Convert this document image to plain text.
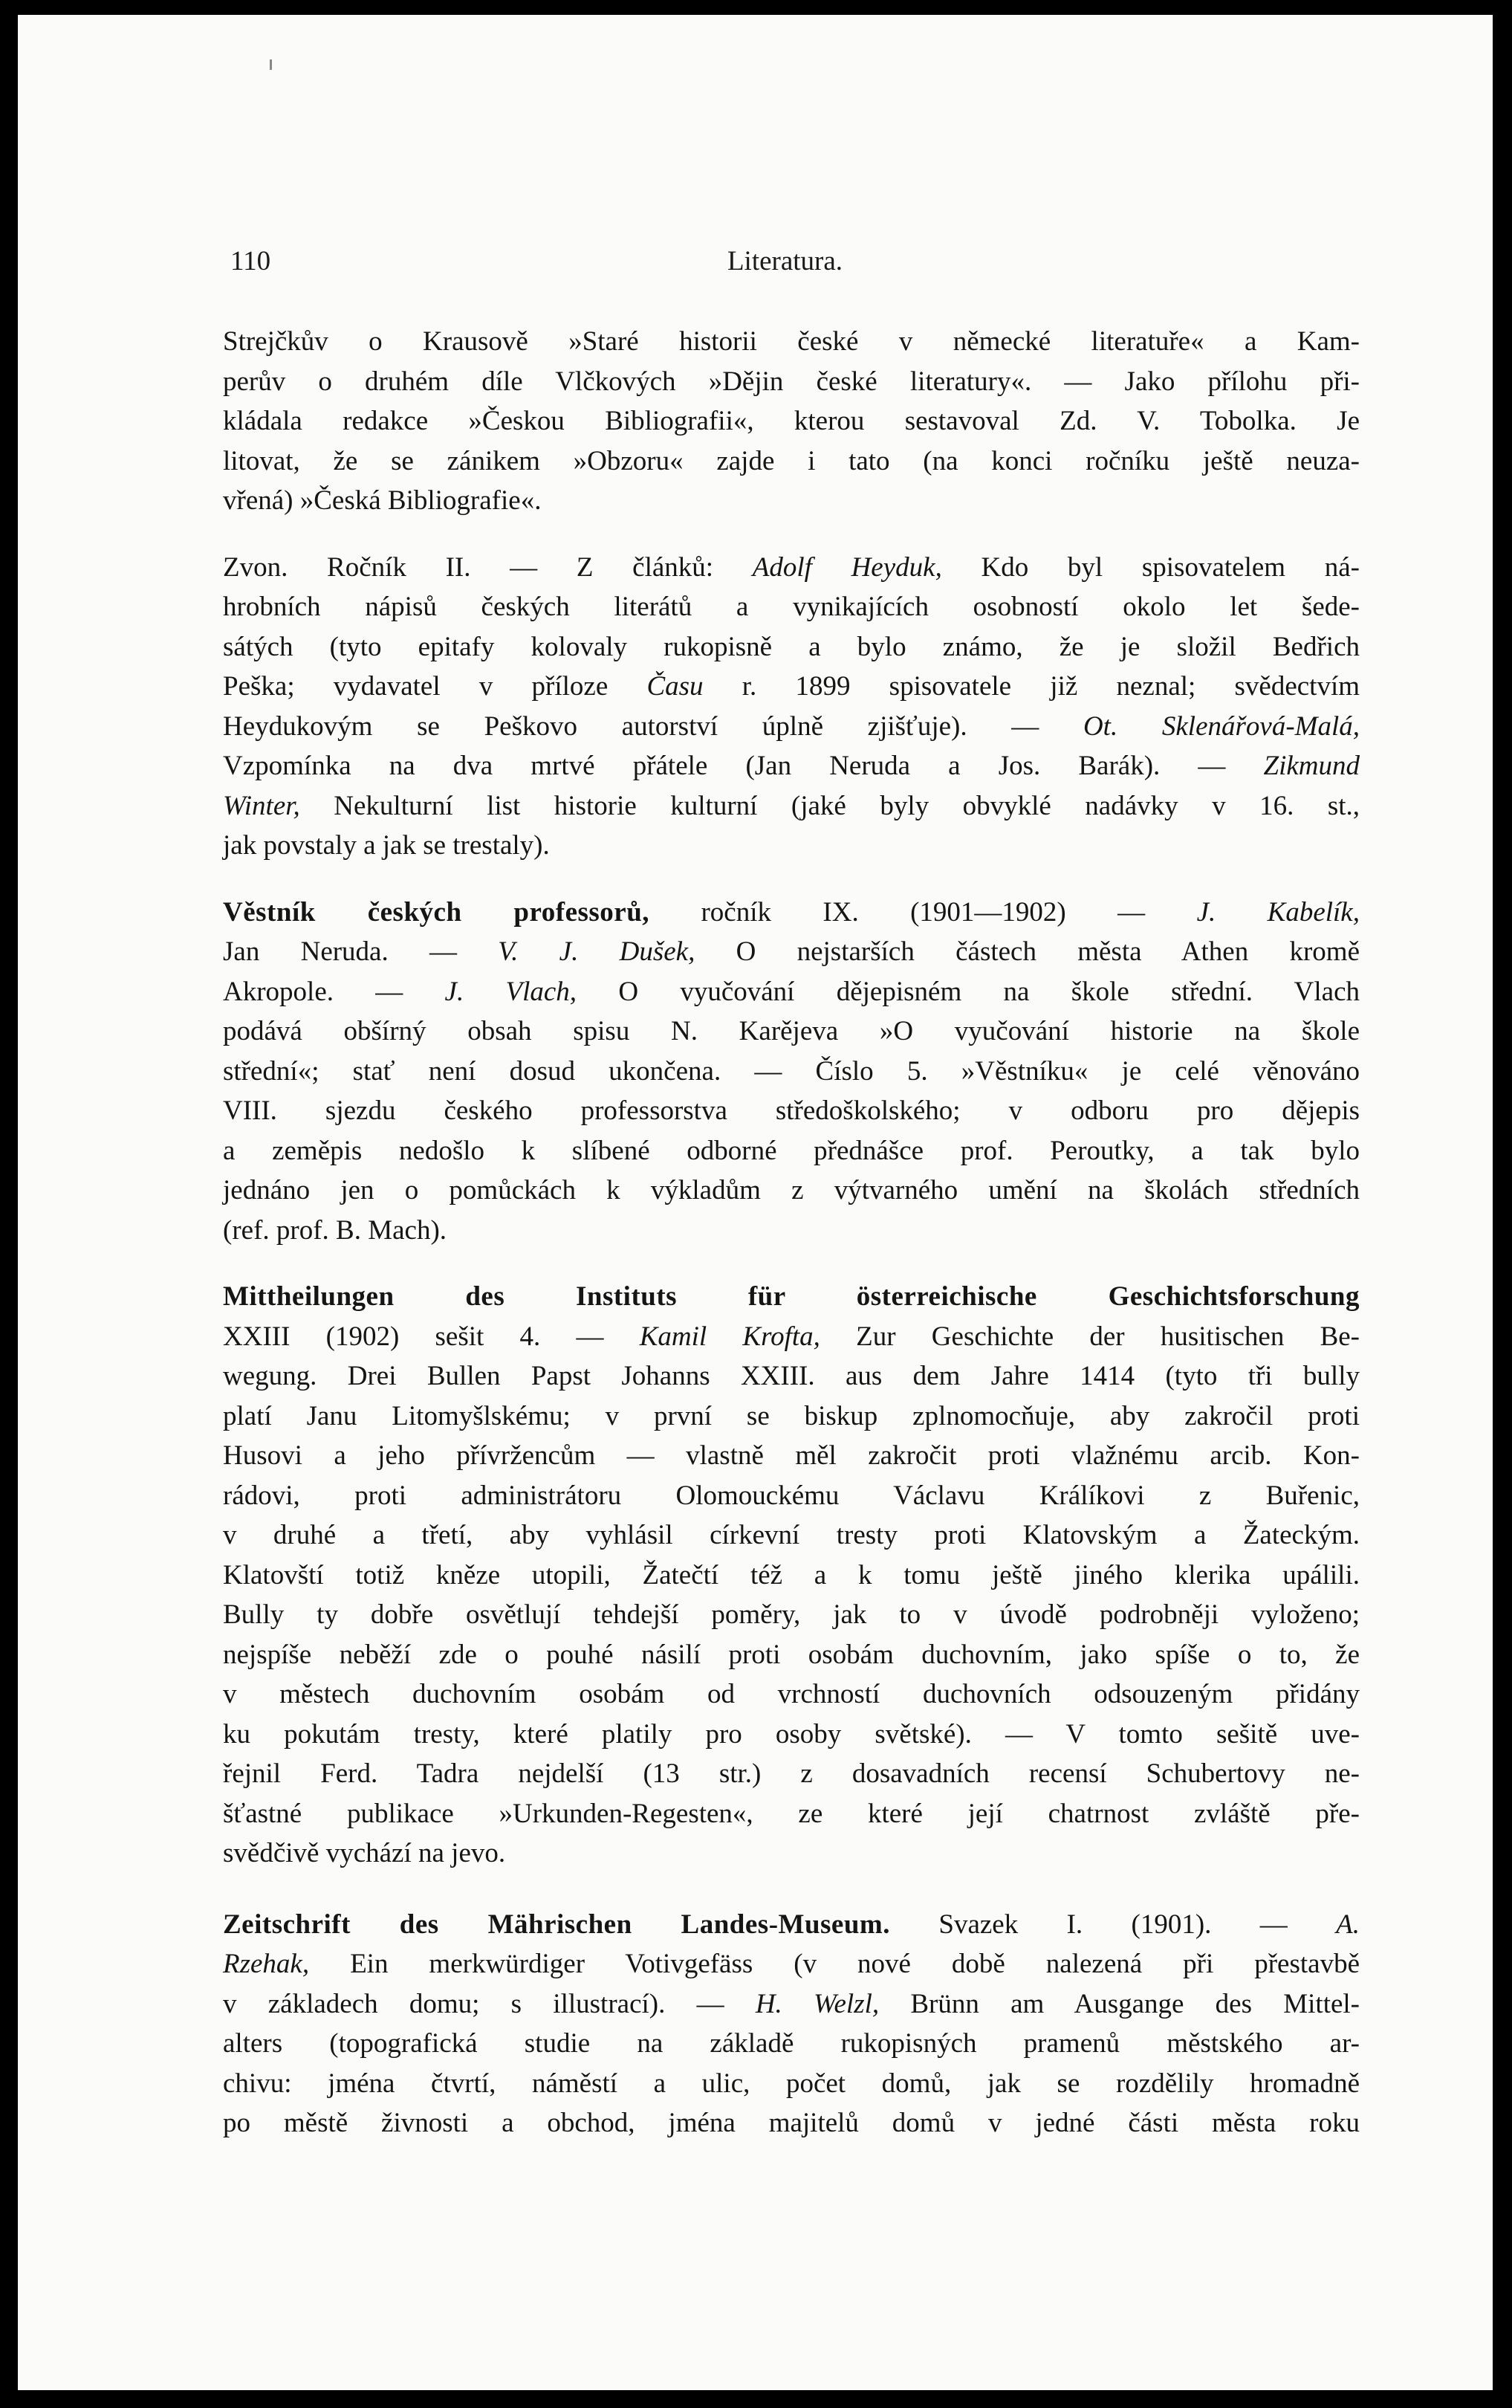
110	Literatura.

Strejčkův o Krausově »Staré historii české v německé literatuře« a Kam-
perův o druhém díle Vlčkových »Dějin české literatury«. — Jako přílohu při-
kládala redakce »Českou Bibliografii«, kterou sestavoval Zd. V. Tobolka. Je
litovat, že se zánikem »Obzoru« zajde i tato (na konci ročníku ještě neuza-
vřená) »Česká Bibliografie«.

Zvon. Ročník II. — Z článků: Adolf Heyduk, Kdo byl spisovatelem ná-
hrobních nápisů českých literátů a vynikajících osobností okolo let šede-
sátých (tyto epitafy kolovaly rukopisně a bylo známo, že je složil Bedřich
Peška; vydavatel v příloze Času r. 1899 spisovatele již neznal; svědectvím
Heydukovým se Peškovo autorství úplně zjišťuje). — Ot. Sklenářová-Malá,
Vzpomínka na dva mrtvé přátele (Jan Neruda a Jos. Barák). — Zikmund
Winter, Nekulturní list historie kulturní (jaké byly obvyklé nadávky v 16. st.,
jak povstaly a jak se trestaly).

Věstník českých professorů, ročník IX. (1901—1902) — J. Kabelík,
Jan Neruda. — V. J. Dušek, O nejstarších částech města Athen kromě
Akropole. — J. Vlach, O vyučování dějepisném na škole střední. Vlach
podává obšírný obsah spisu N. Karějeva »O vyučování historie na škole
střední«; stať není dosud ukončena. — Číslo 5. »Věstníku« je celé věnováno
VIII. sjezdu českého professorstva středoškolského; v odboru pro dějepis
a zeměpis nedošlo k slíbené odborné přednášce prof. Peroutky, a tak bylo
jednáno jen o pomůckách k výkladům z výtvarného umění na školách středních
(ref. prof. B. Mach).

Mittheilungen des Instituts für österreichische Geschichtsforschung
XXIII (1902) sešit 4. — Kamil Krofta, Zur Geschichte der husitischen Be-
wegung. Drei Bullen Papst Johanns XXIII. aus dem Jahre 1414 (tyto tři bully
platí Janu Litomyšlskému; v první se biskup zplnomocňuje, aby zakročil proti
Husovi a jeho přívržencům — vlastně měl zakročit proti vlažnému arcib. Kon-
rádovi, proti administrátoru Olomouckému Václavu Králíkovi z Buřenic,
v druhé a třetí, aby vyhlásil církevní tresty proti Klatovským a Žateckým.
Klatovští totiž kněze utopili, Žatečtí též a k tomu ještě jiného klerika upálili.
Bully ty dobře osvětlují tehdejší poměry, jak to v úvodě podrobněji vyloženo;
nejspíše neběží zde o pouhé násilí proti osobám duchovním, jako spíše o to, že
v městech duchovním osobám od vrchností duchovních odsouzeným přidány
ku pokutám tresty, které platily pro osoby světské). — V tomto sešitě uve-
řejnil Ferd. Tadra nejdelší (13 str.) z dosavadních recensí Schubertovy ne-
šťastné publikace »Urkunden-Regesten«, ze které její chatrnost zvláště pře-
svědčivě vychází na jevo.

Zeitschrift des Mährischen Landes-Museum. Svazek I. (1901). — A.
Rzehak, Ein merkwürdiger Votivgefäss (v nové době nalezená při přestavbě
v základech domu; s illustrací). — H. Welzl, Brünn am Ausgange des Mittel-
alters (topografická studie na základě rukopisných pramenů městského ar-
chivu: jména čtvrtí, náměstí a ulic, počet domů, jak se rozdělily hromadně
po městě živnosti a obchod, jména majitelů domů v jedné části města roku
